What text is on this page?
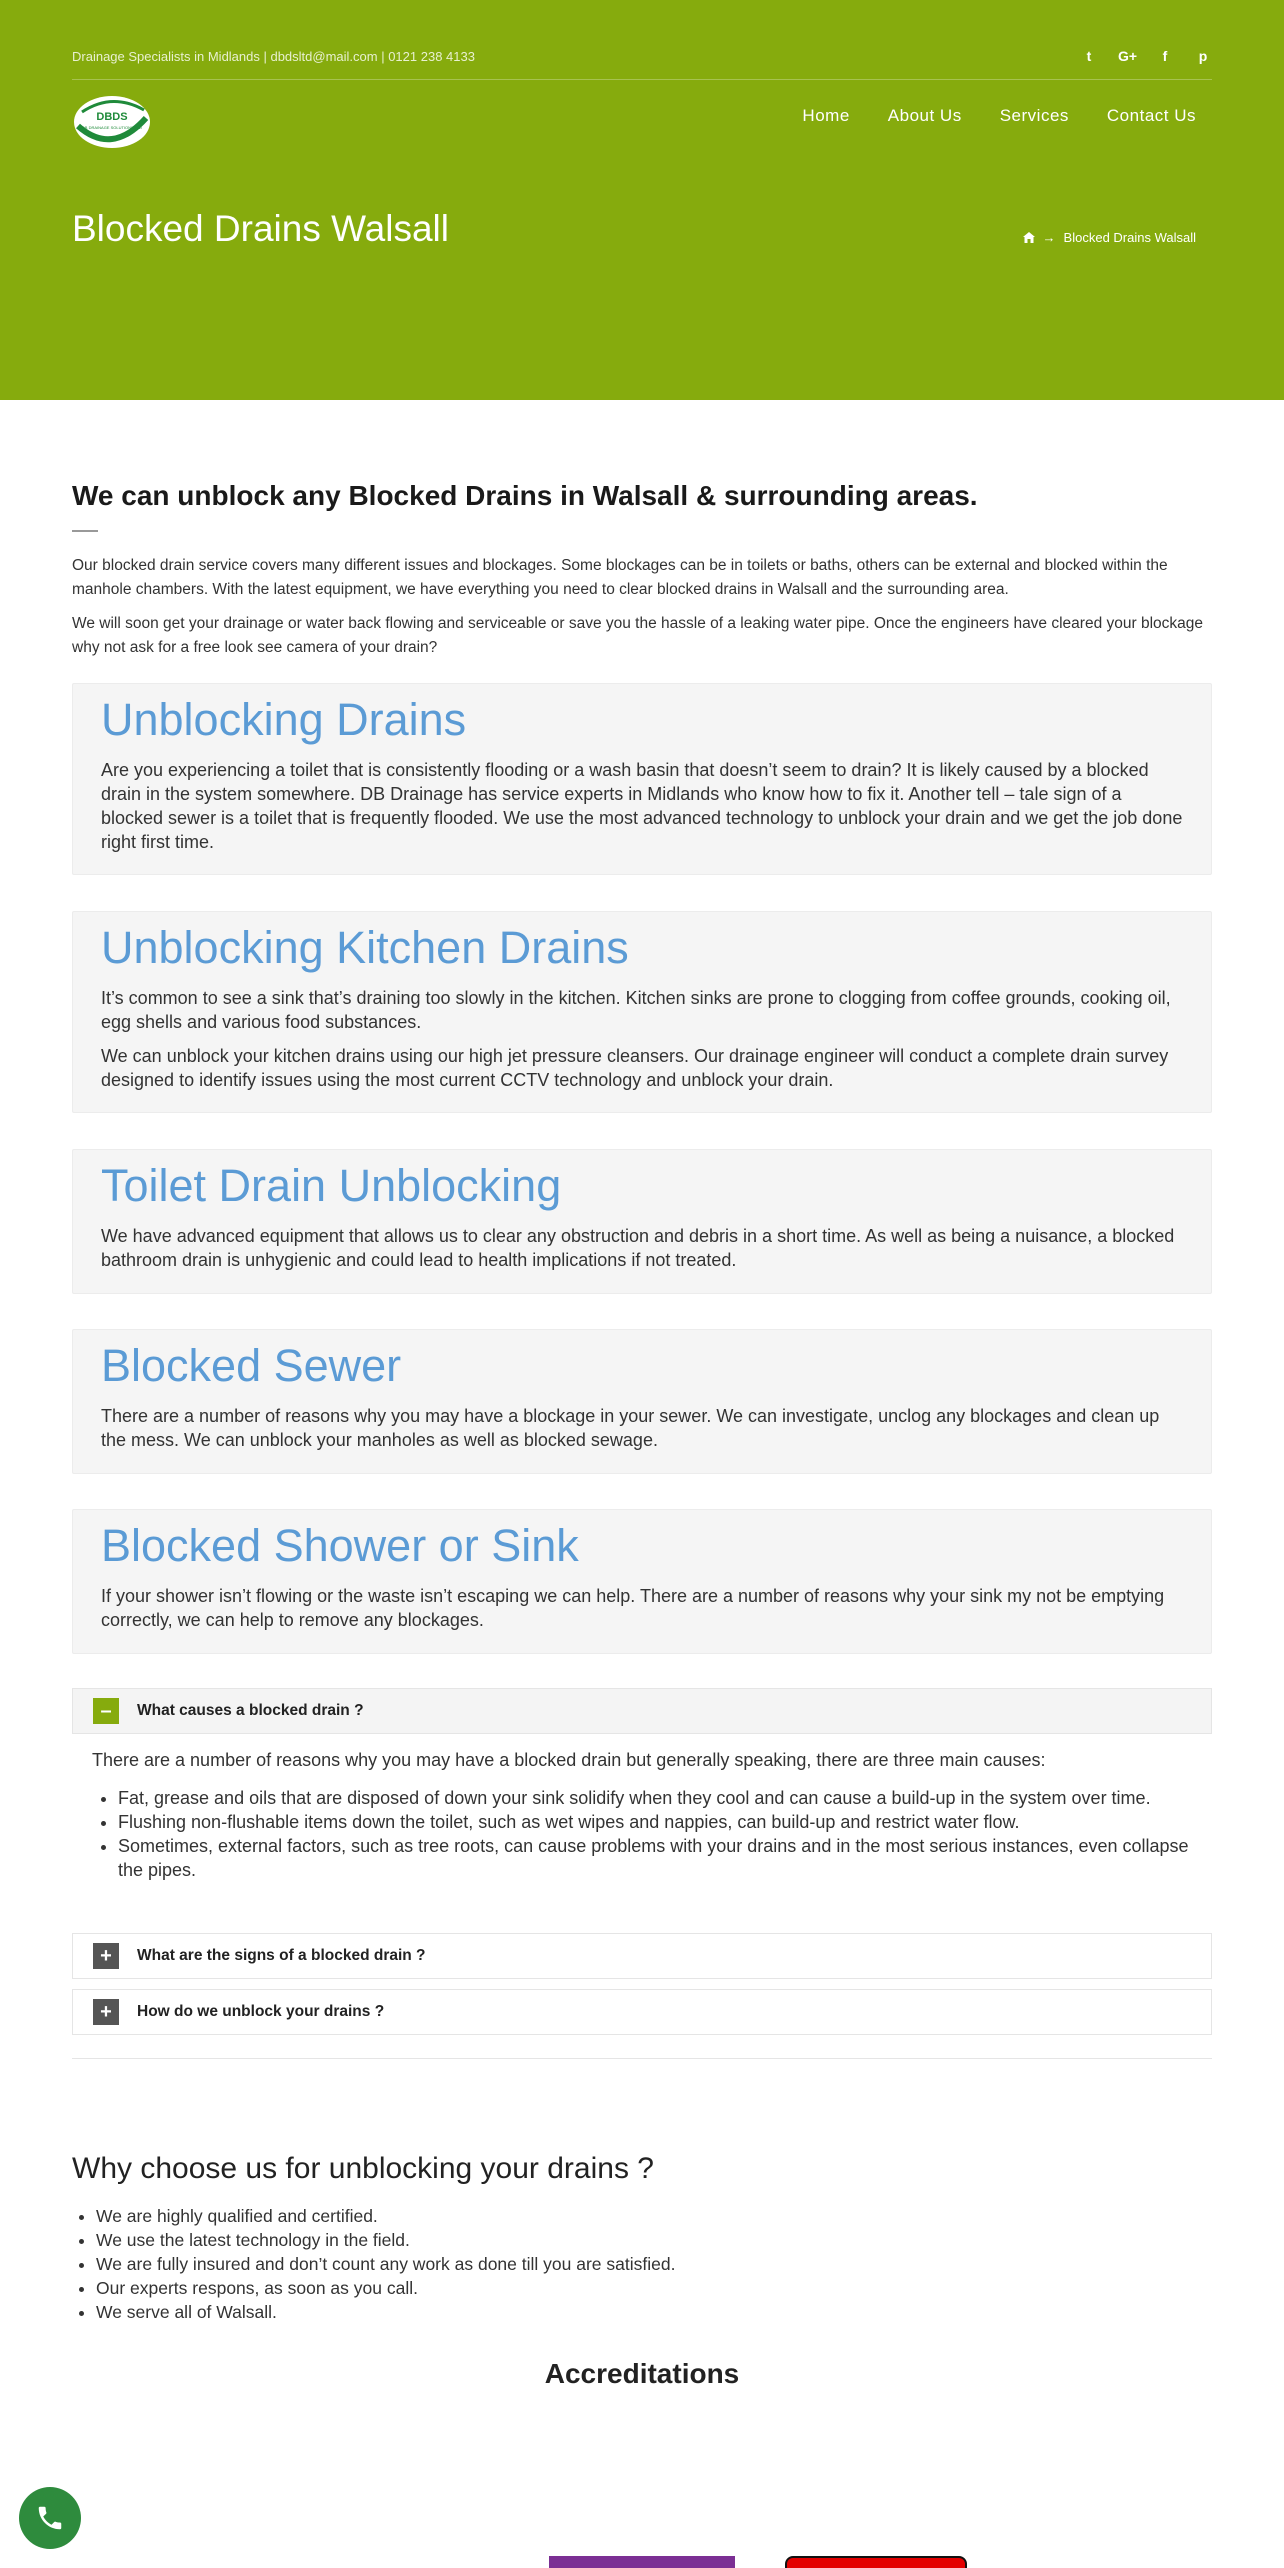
Drainage Specialists in Midlands | dbdsltd@mail.com | 0121 238 4133	t	G+	f	p
DBDS
DB DRAINAGE SOLUTIONS LTD
Home About Us Services Contact Us
Blocked Drains Walsall	→ Blocked Drains Walsall
We can unblock any Blocked Drains in Walsall & surrounding areas.

Our blocked drain service covers many different issues and blockages. Some blockages can be in toilets or baths, others can be external and blocked within the manhole chambers. With the latest equipment, we have everything you need to clear blocked drains in Walsall and the surrounding area.

We will soon get your drainage or water back flowing and serviceable or save you the hassle of a leaking water pipe. Once the engineers have cleared your blockage why not ask for a free look see camera of your drain?

Unblocking Drains

Are you experiencing a toilet that is consistently flooding or a wash basin that doesn’t seem to drain? It is likely caused by a blocked drain in the system somewhere. DB Drainage has service experts in Midlands who know how to fix it. Another tell – tale sign of a blocked sewer is a toilet that is frequently flooded. We use the most advanced technology to unblock your drain and we get the job done right first time.

Unblocking Kitchen Drains

It’s common to see a sink that’s draining too slowly in the kitchen. Kitchen sinks are prone to clogging from coffee grounds, cooking oil, egg shells and various food substances.

We can unblock your kitchen drains using our high jet pressure cleansers. Our drainage engineer will conduct a complete drain survey designed to identify issues using the most current CCTV technology and unblock your drain.

Toilet Drain Unblocking

We have advanced equipment that allows us to clear any obstruction and debris in a short time. As well as being a nuisance, a blocked bathroom drain is unhygienic and could lead to health implications if not treated.

Blocked Sewer

There are a number of reasons why you may have a blockage in your sewer. We can investigate, unclog any blockages and clean up the mess. We can unblock your manholes as well as blocked sewage.

Blocked Shower or Sink

If your shower isn’t flowing or the waste isn’t escaping we can help. There are a number of reasons why your sink my not be emptying correctly, we can help to remove any blockages.

–	What causes a blocked drain ?

There are a number of reasons why you may have a blocked drain but generally speaking, there are three main causes:

• Fat, grease and oils that are disposed of down your sink solidify when they cool and can cause a build-up in the system over time.
• Flushing non-flushable items down the toilet, such as wet wipes and nappies, can build-up and restrict water flow.
• Sometimes, external factors, such as tree roots, can cause problems with your drains and in the most serious instances, even collapse the pipes.
+	What are the signs of a blocked drain ?
+	How do we unblock your drains ?
Why choose us for unblocking your drains ?
• We are highly qualified and certified.
• We use the latest technology in the field.
• We are fully insured and don’t count any work as done till you are satisfied.
• Our experts respons, as soon as you call.
• We serve all of Walsall.
Accreditations
